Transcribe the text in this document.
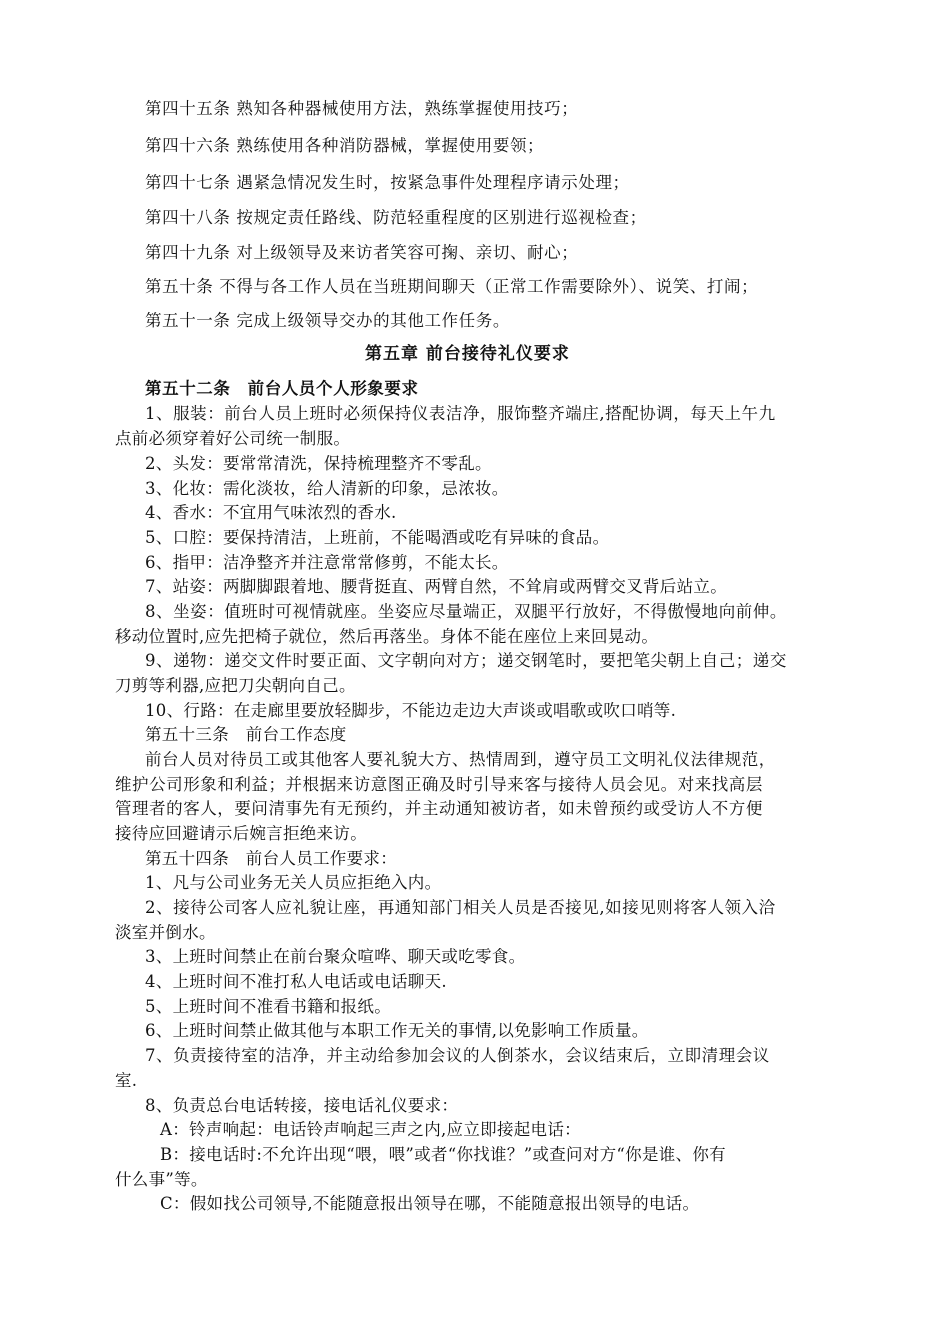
第四十五条 熟知各种器械使用方法，熟练掌握使用技巧；
第四十六条 熟练使用各种消防器械，掌握使用要领；
第四十七条 遇紧急情况发生时，按紧急事件处理程序请示处理；
第四十八条 按规定责任路线、防范轻重程度的区别进行巡视检查；
第四十九条 对上级领导及来访者笑容可掬、亲切、耐心；
第五十条 不得与各工作人员在当班期间聊天（正常工作需要除外）、说笑、打闹；
第五十一条 完成上级领导交办的其他工作任务。
第五章 前台接待礼仪要求
第五十二条　前台人员个人形象要求
1、服装：前台人员上班时必须保持仪表洁净，服饰整齐端庄,搭配协调，每天上午九
点前必须穿着好公司统一制服。
2、头发：要常常清洗，保持梳理整齐不零乱。
3、化妆：需化淡妆，给人清新的印象，忌浓妆。
4、香水：不宜用气味浓烈的香水.
5、口腔：要保持清洁，上班前，不能喝酒或吃有异味的食品。
6、指甲：洁净整齐并注意常常修剪，不能太长。
7、站姿：两脚脚跟着地、腰背挺直、两臂自然，不耸肩或两臂交叉背后站立。
8、坐姿：值班时可视情就座。坐姿应尽量端正，双腿平行放好，不得傲慢地向前伸。
移动位置时,应先把椅子就位，然后再落坐。身体不能在座位上来回晃动。
9、递物：递交文件时要正面、文字朝向对方；递交钢笔时，要把笔尖朝上自己；递交
刀剪等利器,应把刀尖朝向自己。
10、行路：在走廊里要放轻脚步，不能边走边大声谈或唱歌或吹口哨等.
第五十三条　前台工作态度
前台人员对待员工或其他客人要礼貌大方、热情周到，遵守员工文明礼仪法律规范，
维护公司形象和利益；并根据来访意图正确及时引导来客与接待人员会见。对来找高层
管理者的客人，要问清事先有无预约，并主动通知被访者，如未曾预约或受访人不方便
接待应回避请示后婉言拒绝来访。
第五十四条　前台人员工作要求：
1、凡与公司业务无关人员应拒绝入内。
2、接待公司客人应礼貌让座，再通知部门相关人员是否接见,如接见则将客人领入洽
淡室并倒水。
3、上班时间禁止在前台聚众喧哗、聊天或吃零食。
4、上班时间不准打私人电话或电话聊天.
5、上班时间不准看书籍和报纸。
6、上班时间禁止做其他与本职工作无关的事情,以免影响工作质量。
7、负责接待室的洁净，并主动给参加会议的人倒茶水，会议结束后，立即清理会议
室.
8、负责总台电话转接，接电话礼仪要求：
A：铃声响起：电话铃声响起三声之内,应立即接起电话：
B：接电话时:不允许出现“喂，喂”或者“你找谁？”或查问对方“你是谁、你有
什么事”等。
C：假如找公司领导,不能随意报出领导在哪，不能随意报出领导的电话。
